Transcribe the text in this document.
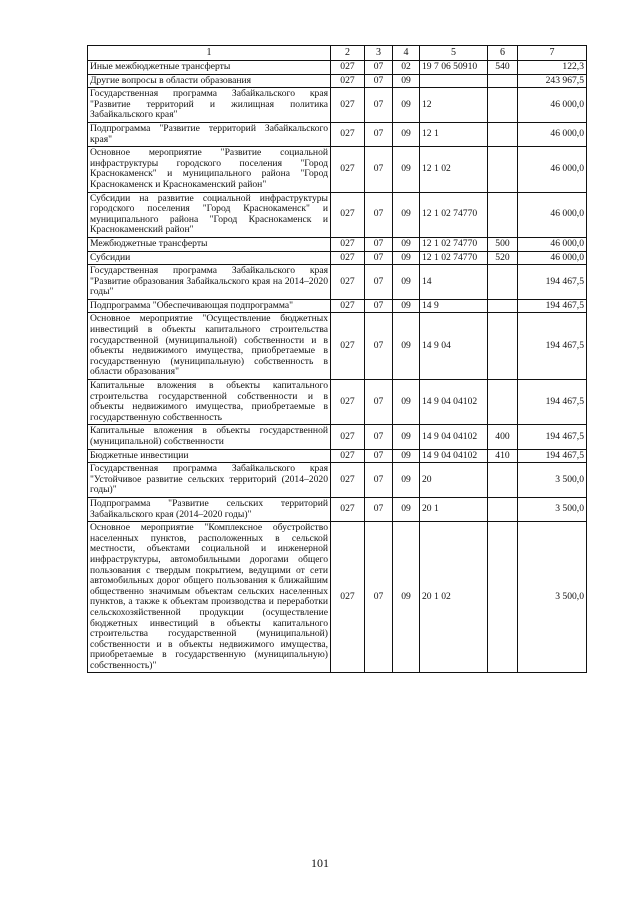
1	2	3	4	5	6	7
Иные межбюджетные трансферты	027	07	02	19 7 06 50910	540	122,3
Другие вопросы в области образования	027	07	09			243 967,5
Государственная программа Забайкальского края "Развитие территорий и жилищная политика Забайкальского края"	027	07	09	12		46 000,0
Подпрограмма "Развитие территорий Забайкальского края"	027	07	09	12 1		46 000,0
Основное мероприятие "Развитие социальной инфраструктуры городского поселения "Город Краснокаменск" и муниципального района "Город Краснокаменск и Краснокаменский район"	027	07	09	12 1 02		46 000,0
Субсидии на развитие социальной инфраструктуры городского поселения "Город Краснокаменск" и муниципального района "Город Краснокаменск и Краснокаменский район"	027	07	09	12 1 02 74770		46 000,0
Межбюджетные трансферты	027	07	09	12 1 02 74770	500	46 000,0
Субсидии	027	07	09	12 1 02 74770	520	46 000,0
Государственная программа Забайкальского края "Развитие образования Забайкальского края на 2014–2020 годы"	027	07	09	14		194 467,5
Подпрограмма "Обеспечивающая подпрограмма"	027	07	09	14 9		194 467,5
Основное мероприятие "Осуществление бюджетных инвестиций в объекты капитального строительства государственной (муниципальной) собственности и в объекты недвижимого имущества, приобретаемые в государственную (муниципальную) собственность в области образования"	027	07	09	14 9 04		194 467,5
Капитальные вложения в объекты капитального строительства государственной собственности и в объекты недвижимого имущества, приобретаемые в государственную собственность	027	07	09	14 9 04 04102		194 467,5
Капитальные вложения в объекты государственной (муниципальной) собственности	027	07	09	14 9 04 04102	400	194 467,5
Бюджетные инвестиции	027	07	09	14 9 04 04102	410	194 467,5
Государственная программа Забайкальского края "Устойчивое развитие сельских территорий (2014–2020 годы)"	027	07	09	20		3 500,0
Подпрограмма "Развитие сельских территорий Забайкальского края (2014–2020 годы)"	027	07	09	20 1		3 500,0
Основное мероприятие "Комплексное обустройство населенных пунктов, расположенных в сельской местности, объектами социальной и инженерной инфраструктуры, автомобильными дорогами общего пользования с твердым покрытием, ведущими от сети автомобильных дорог общего пользования к ближайшим общественно значимым объектам сельских населенных пунктов, а также к объектам производства и переработки сельскохозяйственной продукции (осуществление бюджетных инвестиций в объекты капитального строительства государственной (муниципальной) собственности и в объекты недвижимого имущества, приобретаемые в государственную (муниципальную) собственность)"	027	07	09	20 1 02		3 500,0
101
